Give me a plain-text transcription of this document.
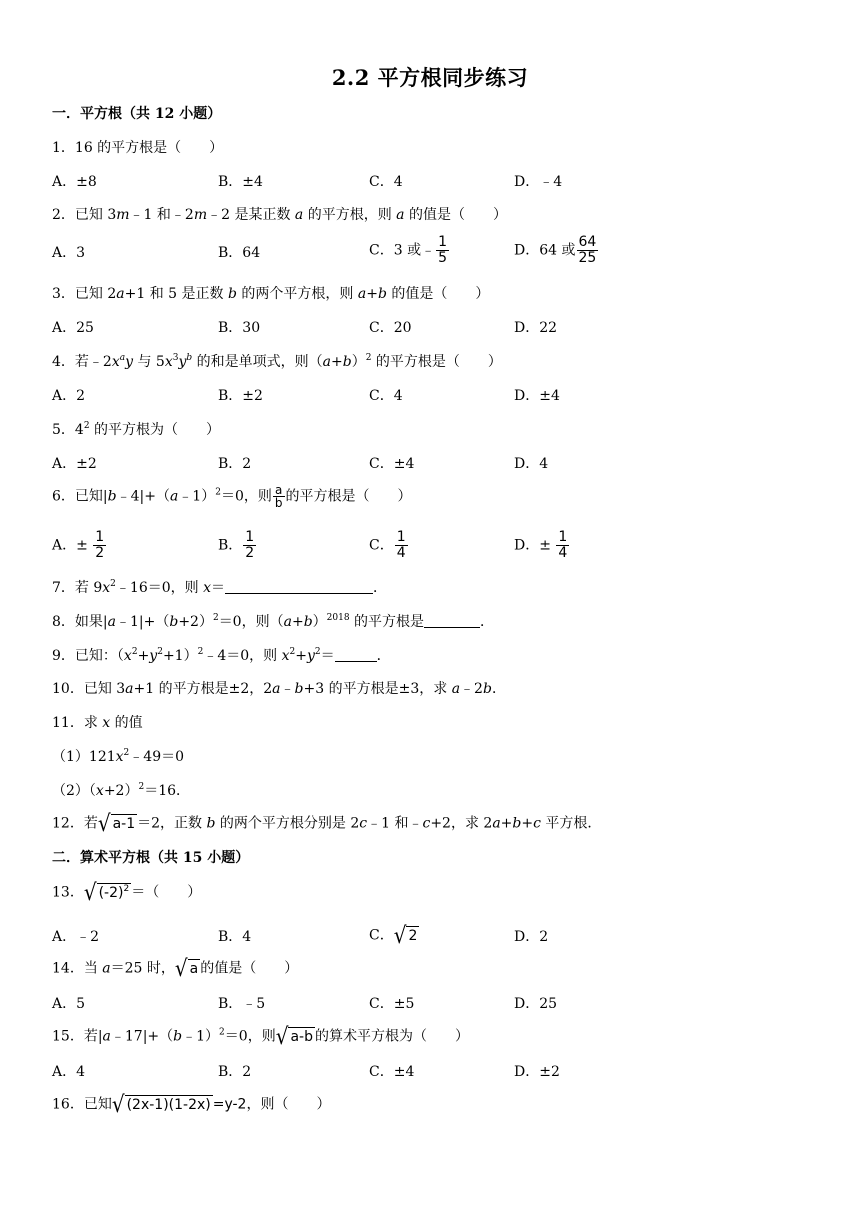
2.2 平方根同步练习
一．平方根（共 12 小题）
1．16 的平方根是（　　）
A．±8	B．±4	C．4	D．﹣4
2．已知 3m﹣1 和﹣2m﹣2 是某正数 a 的平方根，则 a 的值是（　　）
A．3	B．64	C．3 或﹣ $\frac{1}{5}$	D．64 或 $\frac{64}{25}$
3．已知 2a+1 和 5 是正数 b 的两个平方根，则 a+b 的值是（　　）
A．25	B．30	C．20	D．22
4．若$﹣2x^ay$ 与 $5x^3y^b$ 的和是单项式，则$(a+b)^2$ 的平方根是（　　）
A．2	B．±2	C．4	D．±4
5．$4^2$ 的平方根为（　　）
A．±2	B．2	C．±4	D．4
6．已知|b﹣4|+（a﹣1）$^2$＝0，则 $\frac{a}{b}$ 的平方根是（　　）
A．± $\frac{1}{2}$	B． $\frac{1}{2}$	C． $\frac{1}{4}$	D．± $\frac{1}{4}$
7．若 $9x^2﹣16=0$，则 x＝	．
8．如果$|a﹣1|+(b+2)^2=0$，则$(a+b)^{2018}$ 的平方根是	．
9．已知：$(x^2+y^2+1)^2﹣4=0$，则 $x^2+y^2=$	．
10．已知 3a+1 的平方根是±2，2a﹣b+3 的平方根是±3，求 a﹣2b．
11．求 x 的值
$(1)121x^2﹣49=0$
$(2)(x+2)^2=16$．
12．若 √ a-1 ＝2，正数 b 的两个平方根分别是 2c﹣1 和﹣c+2，求 2a+b+c 平方根．
二．算术平方根（共 15 小题）
13． √ $(-2)^2$ ＝（　　）
A．﹣2	B．4	C． √ 2	D．2
14．当 a＝25 时， √ a 的值是（　　）
A．5	B．﹣5	C．±5	D．25
15．若|a﹣17|+（b﹣1）$^2$＝0，则 √ a-b 的算术平方根为（　　）
A．4	B．2	C．±4	D．±2
16．已知 √ (2x-1)(1-2x) =y-2，则（　　）
